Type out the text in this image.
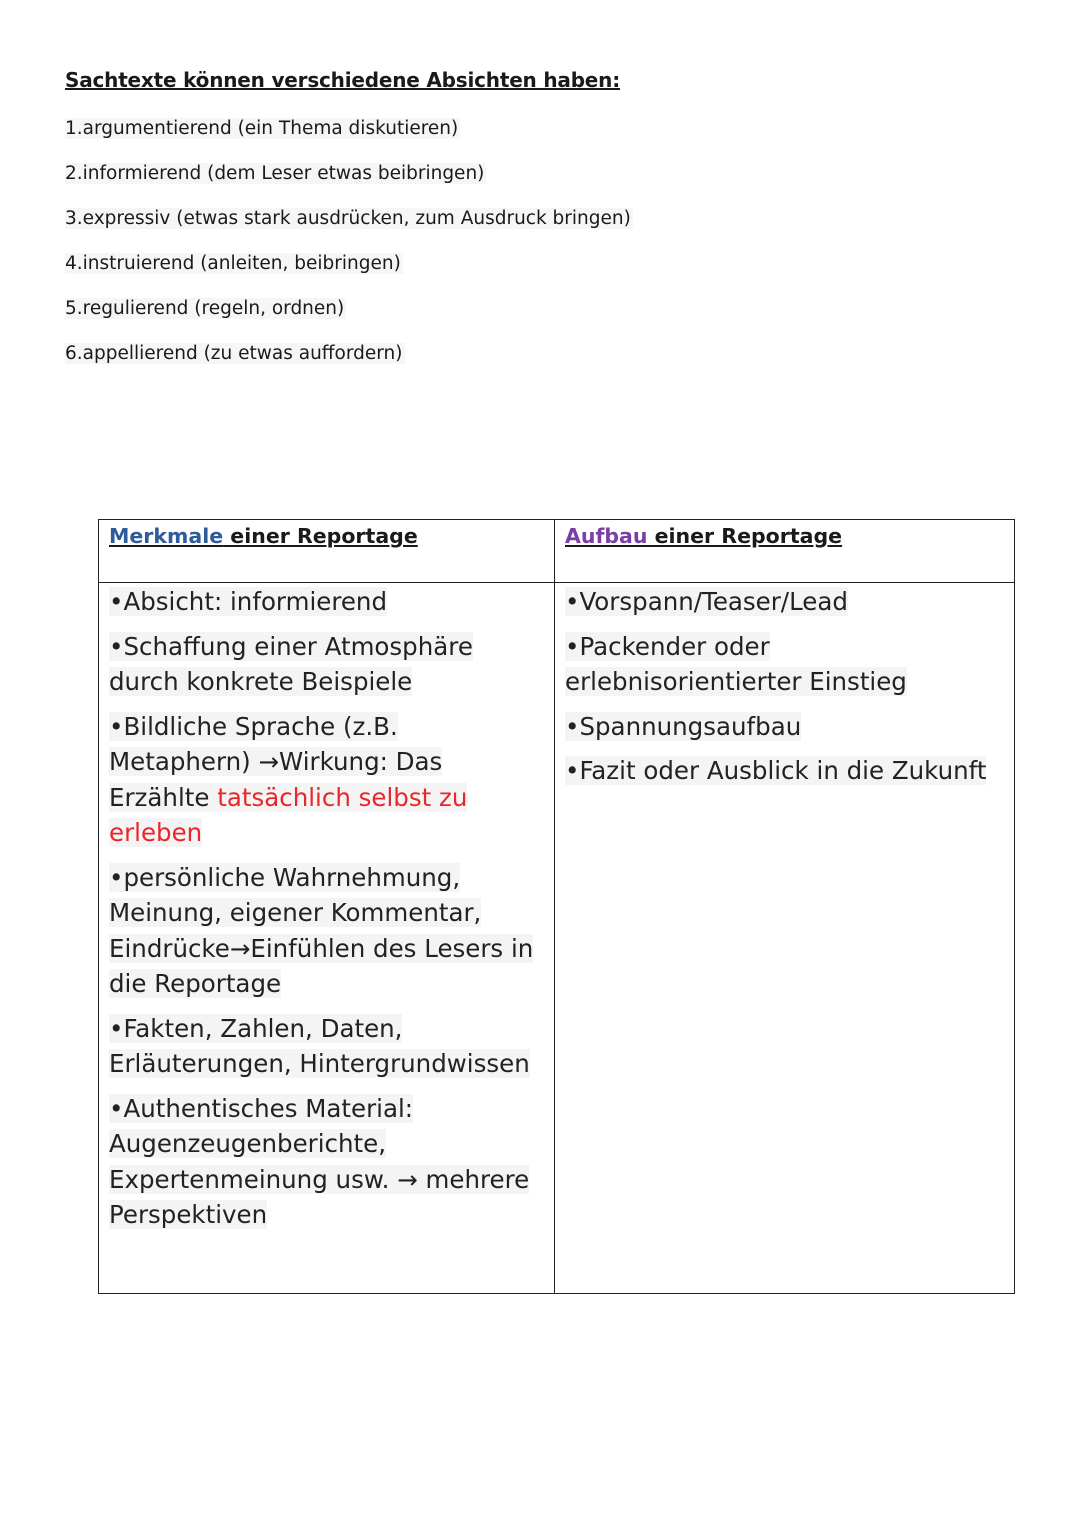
Sachtexte können verschiedene Absichten haben:
1.argumentierend (ein Thema diskutieren)
2.informierend (dem Leser etwas beibringen)
3.expressiv (etwas stark ausdrücken, zum Ausdruck bringen)
4.instruierend (anleiten, beibringen)
5.regulierend (regeln, ordnen)
6.appellierend (zu etwas auffordern)
Merkmale einer Reportage	Aufbau einer Reportage
•Absicht: informierend
•Schaffung einer Atmosphäre durch konkrete Beispiele
•Bildliche Sprache (z.B. Metaphern) →Wirkung: Das Erzählte tatsächlich selbst zu erleben
•persönliche Wahrnehmung, Meinung, eigener Kommentar, Eindrücke→Einfühlen des Lesers in die Reportage
•Fakten, Zahlen, Daten, Erläuterungen, Hintergrundwissen
•Authentisches Material: Augenzeugenberichte, Expertenmeinung usw. → mehrere Perspektiven
•Vorspann/Teaser/Lead
•Packender oder erlebnisorientierter Einstieg
•Spannungsaufbau
•Fazit oder Ausblick in die Zukunft
